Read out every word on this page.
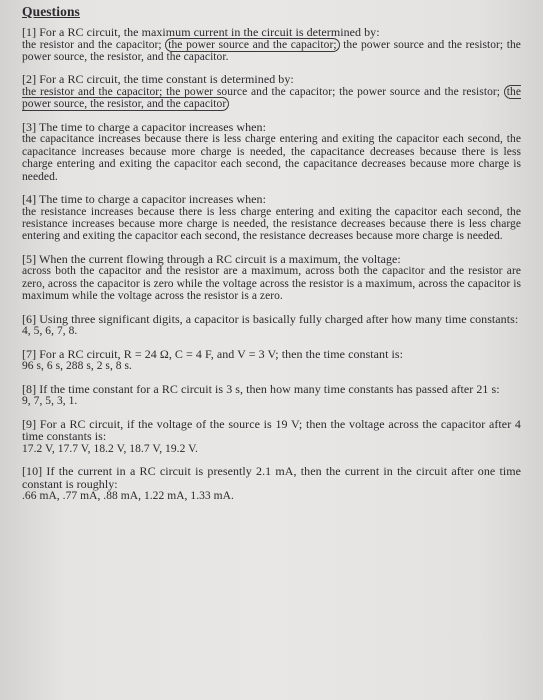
Questions
[1] For a RC circuit, the maximum current in the circuit is determined by:
the resistor and the capacitor; the power source and the capacitor; the power source and the resistor; the power source, the resistor, and the capacitor.
[2] For a RC circuit, the time constant is determined by:
the resistor and the capacitor; the power source and the capacitor; the power source and the resistor; the power source, the resistor, and the capacitor
[3] The time to charge a capacitor increases when:
the capacitance increases because there is less charge entering and exiting the capacitor each second, the capacitance increases because more charge is needed, the capacitance decreases because there is less charge entering and exiting the capacitor each second, the capacitance decreases because more charge is needed.
[4] The time to charge a capacitor increases when:
the resistance increases because there is less charge entering and exiting the capacitor each second, the resistance increases because more charge is needed, the resistance decreases because there is less charge entering and exiting the capacitor each second, the resistance decreases because more charge is needed.
[5] When the current flowing through a RC circuit is a maximum, the voltage:
across both the capacitor and the resistor are a maximum, across both the capacitor and the resistor are zero, across the capacitor is zero while the voltage across the resistor is a maximum, across the capacitor is maximum while the voltage across the resistor is a zero.
[6] Using three significant digits, a capacitor is basically fully charged after how many time constants:
4, 5, 6, 7, 8.
[7] For a RC circuit, R = 24 Ω, C = 4 F, and V = 3 V; then the time constant is:
96 s, 6 s, 288 s, 2 s, 8 s.
[8] If the time constant for a RC circuit is 3 s, then how many time constants has passed after 21 s:
9, 7, 5, 3, 1.
[9] For a RC circuit, if the voltage of the source is 19 V; then the voltage across the capacitor after 4 time constants is:
17.2 V, 17.7 V, 18.2 V, 18.7 V, 19.2 V.
[10] If the current in a RC circuit is presently 2.1 mA, then the current in the circuit after one time constant is roughly:
.66 mA, .77 mA, .88 mA, 1.22 mA, 1.33 mA.
